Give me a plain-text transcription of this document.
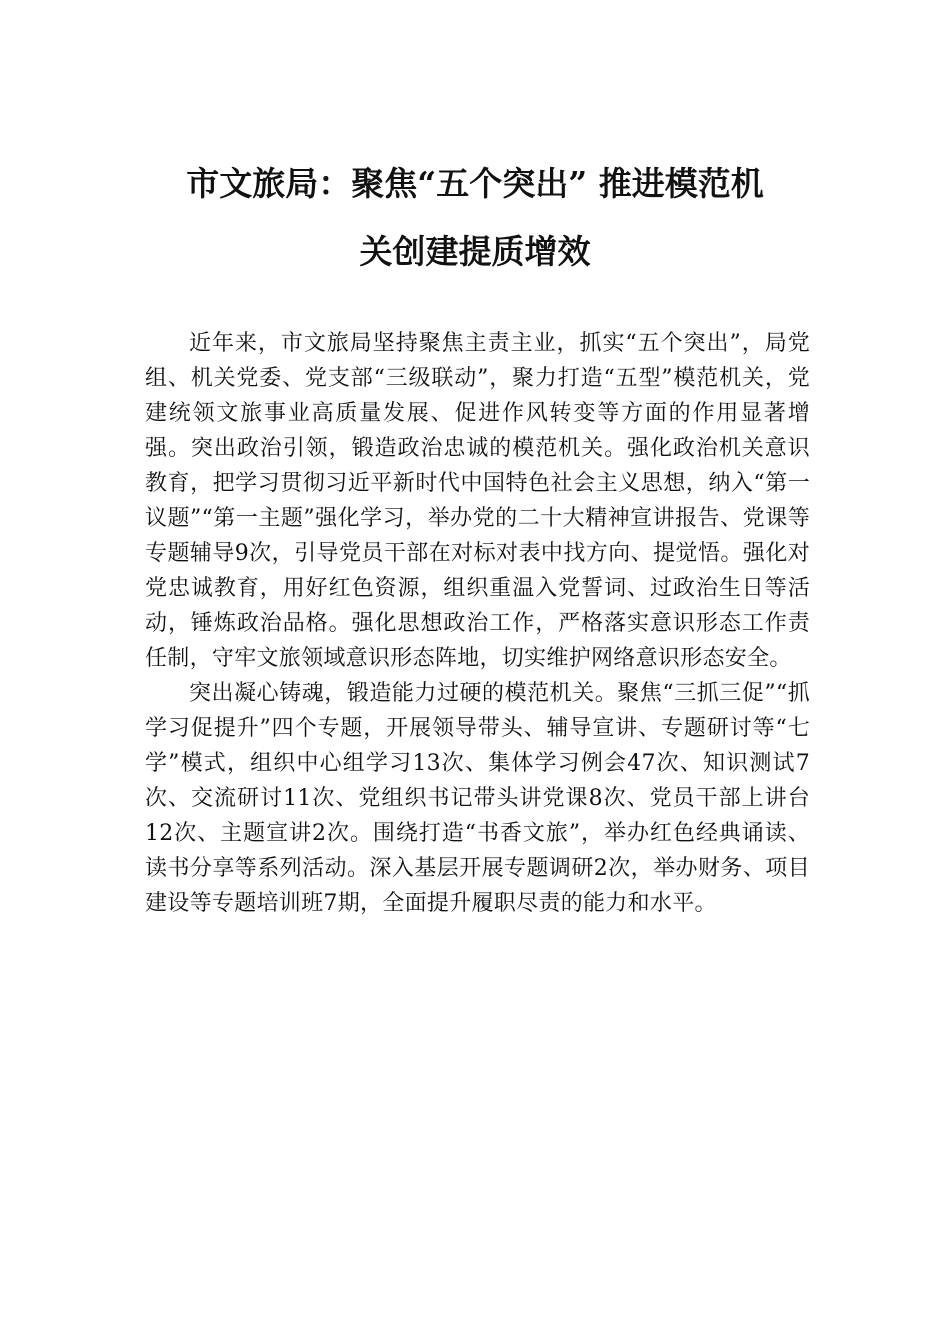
市文旅局：聚焦“五个突出” 推进模范机
关创建提质增效

近年来，市文旅局坚持聚焦主责主业，抓实“五个突出”，局党组、机关党委、党支部“三级联动”，聚力打造“五型”模范机关，党建统领文旅事业高质量发展、促进作风转变等方面的作用显著增强。突出政治引领，锻造政治忠诚的模范机关。强化政治机关意识教育，把学习贯彻习近平新时代中国特色社会主义思想，纳入“第一议题”“第一主题”强化学习，举办党的二十大精神宣讲报告、党课等专题辅导9次，引导党员干部在对标对表中找方向、提觉悟。强化对党忠诚教育，用好红色资源，组织重温入党誓词、过政治生日等活动，锤炼政治品格。强化思想政治工作，严格落实意识形态工作责任制，守牢文旅领域意识形态阵地，切实维护网络意识形态安全。

突出凝心铸魂，锻造能力过硬的模范机关。聚焦“三抓三促”“抓学习促提升”四个专题，开展领导带头、辅导宣讲、专题研讨等“七学”模式，组织中心组学习13次、集体学习例会47次、知识测试7次、交流研讨11次、党组织书记带头讲党课8次、党员干部上讲台12次、主题宣讲2次。围绕打造“书香文旅”，举办红色经典诵读、读书分享等系列活动。深入基层开展专题调研2次，举办财务、项目建设等专题培训班7期，全面提升履职尽责的能力和水平。
